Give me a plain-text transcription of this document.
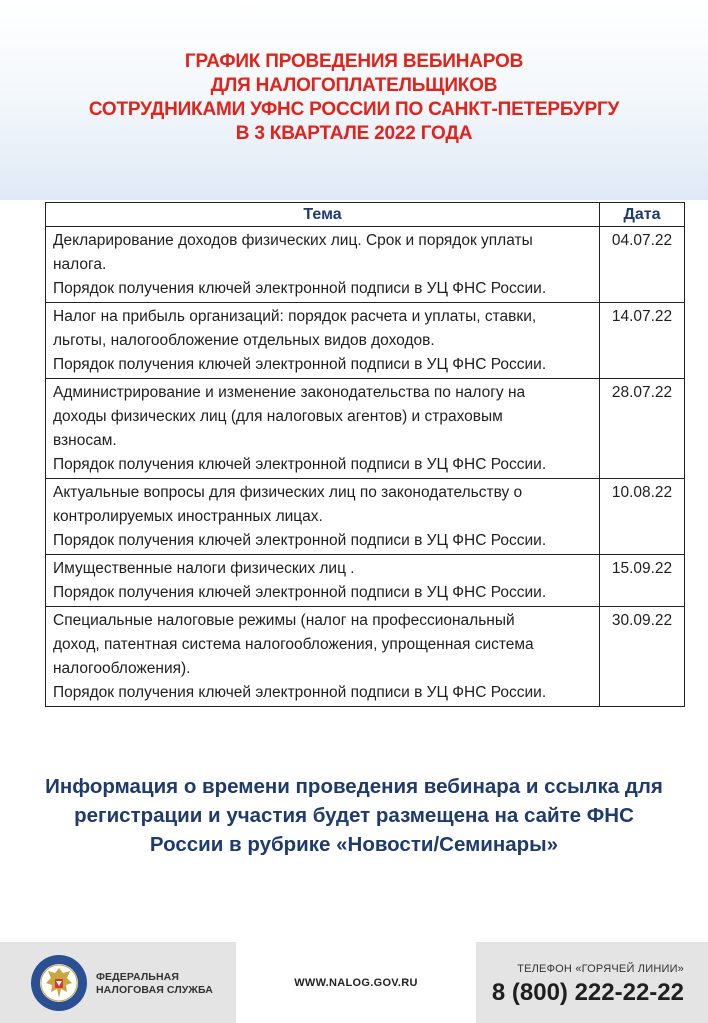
ГРАФИК ПРОВЕДЕНИЯ ВЕБИНАРОВ
ДЛЯ НАЛОГОПЛАТЕЛЬЩИКОВ
СОТРУДНИКАМИ УФНС РОССИИ ПО САНКТ-ПЕТЕРБУРГУ
В 3 КВАРТАЛЕ 2022 ГОДА
Тема	Дата

Декларирование доходов физических лиц. Срок и порядок уплаты
налога.
Порядок получения ключей электронной подписи в УЦ ФНС России.	04.07.22

Налог на прибыль организаций: порядок расчета и уплаты, ставки,
льготы, налогообложение отдельных видов доходов.
Порядок получения ключей электронной подписи в УЦ ФНС России.	14.07.22

Администрирование и изменение законодательства по налогу на
доходы физических лиц (для налоговых агентов) и страховым
взносам.
Порядок получения ключей электронной подписи в УЦ ФНС России.	28.07.22

Актуальные вопросы для физических лиц по законодательству о
контролируемых иностранных лицах.
Порядок получения ключей электронной подписи в УЦ ФНС России.	10.08.22

Имущественные налоги физических лиц .
Порядок получения ключей электронной подписи в УЦ ФНС России.	15.09.22

Специальные налоговые режимы (налог на профессиональный
доход, патентная система налогообложения, упрощенная система
налогообложения).
Порядок получения ключей электронной подписи в УЦ ФНС России.	30.09.22
Информация о времени проведения вебинара и ссылка для
регистрации и участия будет размещена на сайте ФНС
России в рубрике «Новости/Семинары»
ФЕДЕРАЛЬНАЯ
НАЛОГОВАЯ СЛУЖБА
WWW.NALOG.GOV.RU
ТЕЛЕФОН «ГОРЯЧЕЙ ЛИНИИ»
8 (800) 222-22-22
